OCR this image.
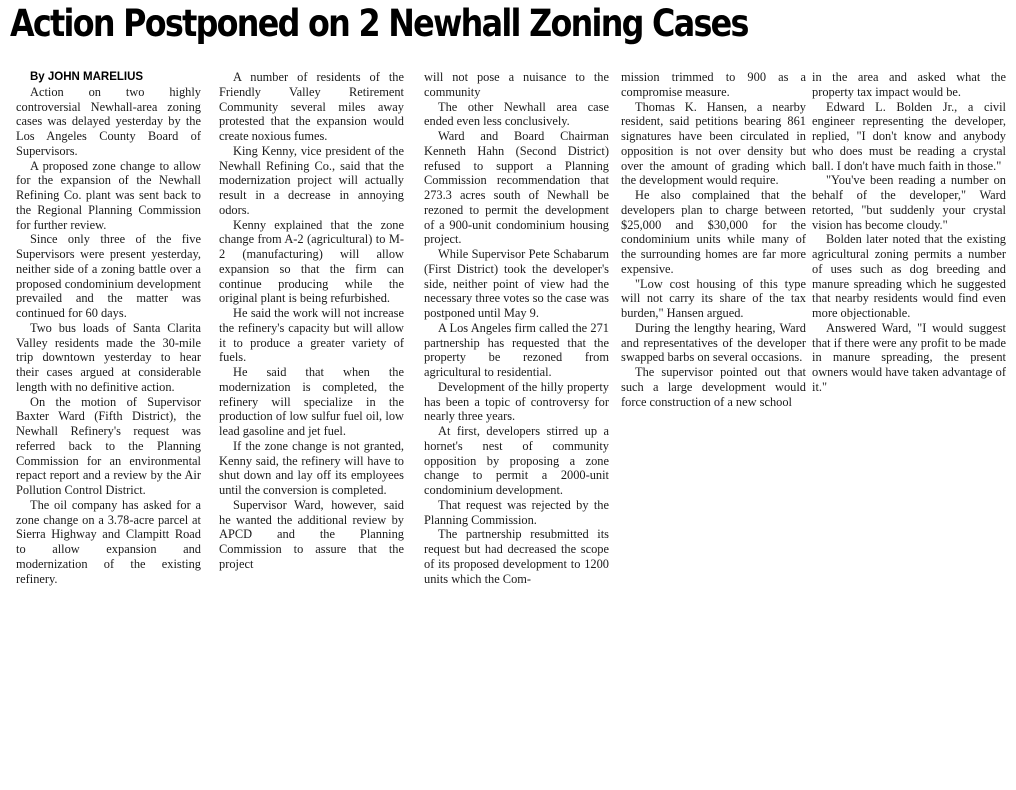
Action Postponed on 2 Newhall Zoning Cases
By JOHN MARELIUS

Action on two highly controversial Newhall-area zoning cases was delayed yesterday by the Los Angeles County Board of Supervisors.

A proposed zone change to allow for the expansion of the Newhall Refining Co. plant was sent back to the Regional Planning Commission for further review.

Since only three of the five Supervisors were present yesterday, neither side of a zoning battle over a proposed condominium development prevailed and the matter was continued for 60 days.

Two bus loads of Santa Clarita Valley residents made the 30-mile trip downtown yesterday to hear their cases argued at considerable length with no definitive action.

On the motion of Supervisor Baxter Ward (Fifth District), the Newhall Refinery's request was referred back to the Planning Commission for an environmental repact report and a review by the Air Pollution Control District.

The oil company has asked for a zone change on a 3.78-acre parcel at Sierra Highway and Clampitt Road to allow expansion and modernization of the existing refinery.

A number of residents of the Friendly Valley Retirement Community several miles away protested that the expansion would create noxious fumes.

King Kenny, vice president of the Newhall Refining Co., said that the modernization project will actually result in a decrease in annoying odors.

Kenny explained that the zone change from A-2 (agricultural) to M-2 (manufacturing) will allow expansion so that the firm can continue producing while the original plant is being refurbished.

He said the work will not increase the refinery's capacity but will allow it to produce a greater variety of fuels.

He said that when the modernization is completed, the refinery will specialize in the production of low sulfur fuel oil, low lead gasoline and jet fuel.

If the zone change is not granted, Kenny said, the refinery will have to shut down and lay off its employees until the conversion is completed.

Supervisor Ward, however, said he wanted the additional review by APCD and the Planning Commission to assure that the project

will not pose a nuisance to the community

The other Newhall area case ended even less conclusively.

Ward and Board Chairman Kenneth Hahn (Second District) refused to support a Planning Commission recommendation that 273.3 acres south of Newhall be rezoned to permit the development of a 900-unit condominium housing project.

While Supervisor Pete Schabarum (First District) took the developer's side, neither point of view had the necessary three votes so the case was postponed until May 9.

A Los Angeles firm called the 271 partnership has requested that the property be rezoned from agricultural to residential.

Development of the hilly property has been a topic of controversy for nearly three years.

At first, developers stirred up a hornet's nest of community opposition by proposing a zone change to permit a 2000-unit condominium development.

That request was rejected by the Planning Commission.

The partnership resubmitted its request but had decreased the scope of its proposed development to 1200 units which the Com-

mission trimmed to 900 as a compromise measure.

Thomas K. Hansen, a nearby resident, said petitions bearing 861 signatures have been circulated in opposition is not over density but over the amount of grading which the development would require.

He also complained that the developers plan to charge between $25,000 and $30,000 for the condominium units while many of the surrounding homes are far more expensive.

"Low cost housing of this type will not carry its share of the tax burden," Hansen argued.

During the lengthy hearing, Ward and representatives of the developer swapped barbs on several occasions.

The supervisor pointed out that such a large development would force construction of a new school

in the area and asked what the property tax impact would be.

Edward L. Bolden Jr., a civil engineer representing the developer, replied, "I don't know and anybody who does must be reading a crystal ball. I don't have much faith in those."

"You've been reading a number on behalf of the developer," Ward retorted, "but suddenly your crystal vision has become cloudy."

Bolden later noted that the existing agricultural zoning permits a number of uses such as dog breeding and manure spreading which he suggested that nearby residents would find even more objectionable.

Answered Ward, "I would suggest that if there were any profit to be made in manure spreading, the present owners would have taken advantage of it."
